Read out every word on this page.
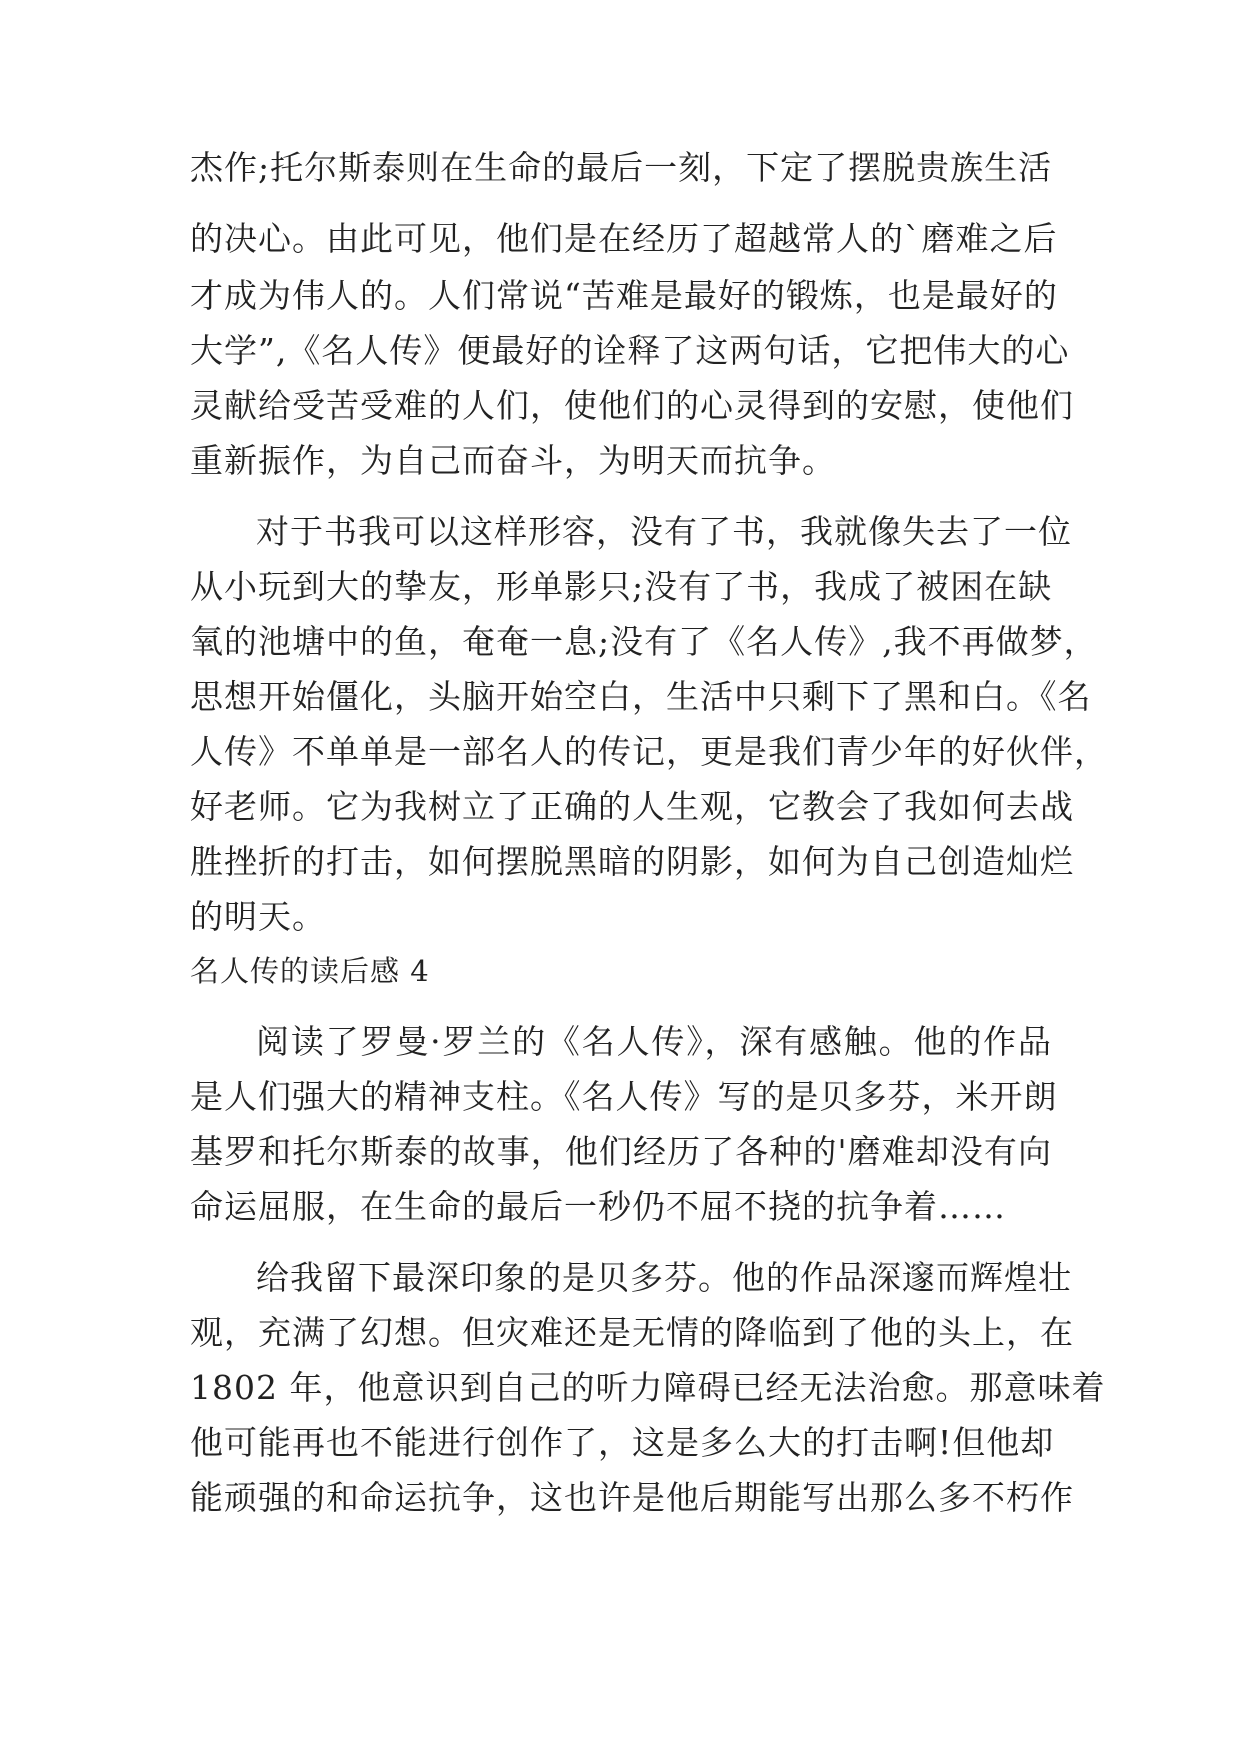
杰作;托尔斯泰则在生命的最后一刻，下定了摆脱贵族生活
的决心。由此可见，他们是在经历了超越常人的`磨难之后
才成为伟人的。人们常说“苦难是最好的锻炼，也是最好的
大学”,《名人传》便最好的诠释了这两句话，它把伟大的心
灵献给受苦受难的人们，使他们的心灵得到的安慰，使他们
重新振作，为自己而奋斗，为明天而抗争。
对于书我可以这样形容，没有了书，我就像失去了一位
从小玩到大的挚友，形单影只;没有了书，我成了被困在缺
氧的池塘中的鱼，奄奄一息;没有了《名人传》,我不再做梦，
思想开始僵化，头脑开始空白，生活中只剩下了黑和白。《名
人传》不单单是一部名人的传记，更是我们青少年的好伙伴，
好老师。它为我树立了正确的人生观，它教会了我如何去战
胜挫折的打击，如何摆脱黑暗的阴影，如何为自己创造灿烂
的明天。
名人传的读后感 4
阅读了罗曼·罗兰的《名人传》，深有感触。他的作品
是人们强大的精神支柱。《名人传》写的是贝多芬，米开朗
基罗和托尔斯泰的故事，他们经历了各种的'磨难却没有向
命运屈服，在生命的最后一秒仍不屈不挠的抗争着……
给我留下最深印象的是贝多芬。他的作品深邃而辉煌壮
观，充满了幻想。但灾难还是无情的降临到了他的头上，在
1802 年，他意识到自己的听力障碍已经无法治愈。那意味着
他可能再也不能进行创作了，这是多么大的打击啊!但他却
能顽强的和命运抗争，这也许是他后期能写出那么多不朽作
